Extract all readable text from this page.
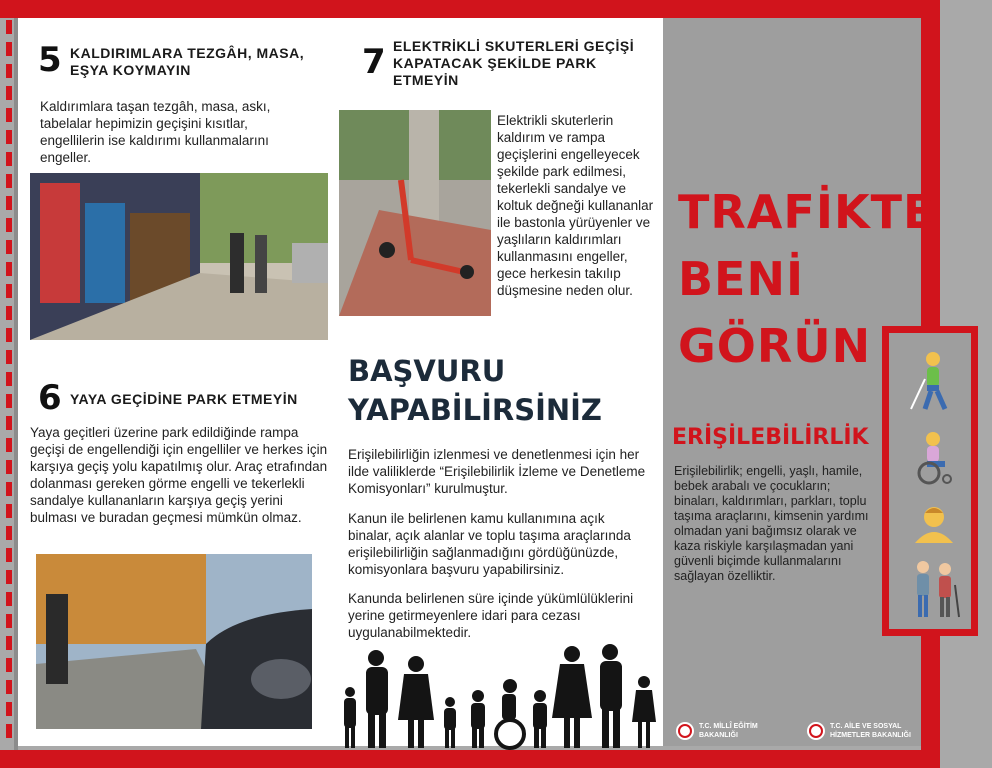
5 KALDIRIMLARA TEZGÂH, MASA, EŞYA KOYMAYIN
Kaldırımlara taşan tezgâh, masa, askı, tabelalar hepimizin geçişini kısıtlar, engellilerin ise kaldırımı kullanmalarını engeller.
6 YAYA GEÇİDİNE PARK ETMEYİN
Yaya geçitleri üzerine park edildiğinde rampa geçişi de engellendiği için engelliler ve herkes için karşıya geçiş yolu kapatılmış olur. Araç etrafından dolanması gereken görme engelli ve tekerlekli sandalye kullananların karşıya geçiş yerini bulması ve buradan geçmesi mümkün olmaz.
7 ELEKTRİKLİ SKUTERLERİ GEÇİŞİ KAPATACAK ŞEKİLDE PARK ETMEYİN
Elektrikli skuterlerin kaldırım ve rampa geçişlerini engelleyecek şekilde park edilmesi, tekerlekli sandalye ve koltuk değneği kullananlar ile bastonla yürüyenler ve yaşlıların kaldırımları kullanmasını engeller, gece herkesin takılıp düşmesine neden olur.
BAŞVURU
YAPABİLİRSİNİZ
Erişilebilirliğin izlenmesi ve denetlenmesi için her ilde valiliklerde “Erişilebilirlik İzleme ve Denetleme Komisyonları” kurulmuştur.
Kanun ile belirlenen kamu kullanımına açık binalar, açık alanlar ve toplu taşıma araçlarında erişilebilirliğin sağlanmadığını gördüğünüzde, komisyonlara başvuru yapabilirsiniz.
Kanunda belirlenen süre içinde yükümlülüklerini yerine getirmeyenlere idari para cezası uygulanabilmektedir.
TRAFİKTE
BENİ
GÖRÜN
ERİŞİLEBİLİRLİK
Erişilebilirlik; engelli, yaşlı, hamile, bebek arabalı ve çocukların; binaları, kaldırımları, parkları, toplu taşıma araçlarını, kimsenin yardımı olmadan yani bağımsız olarak ve kaza riskiyle karşılaşmadan yani güvenli biçimde kullanmalarını sağlayan özelliktir.
T.C. MİLLÎ EĞİTİM
BAKANLIĞI
T.C. AİLE VE SOSYAL
HİZMETLER BAKANLIĞI
